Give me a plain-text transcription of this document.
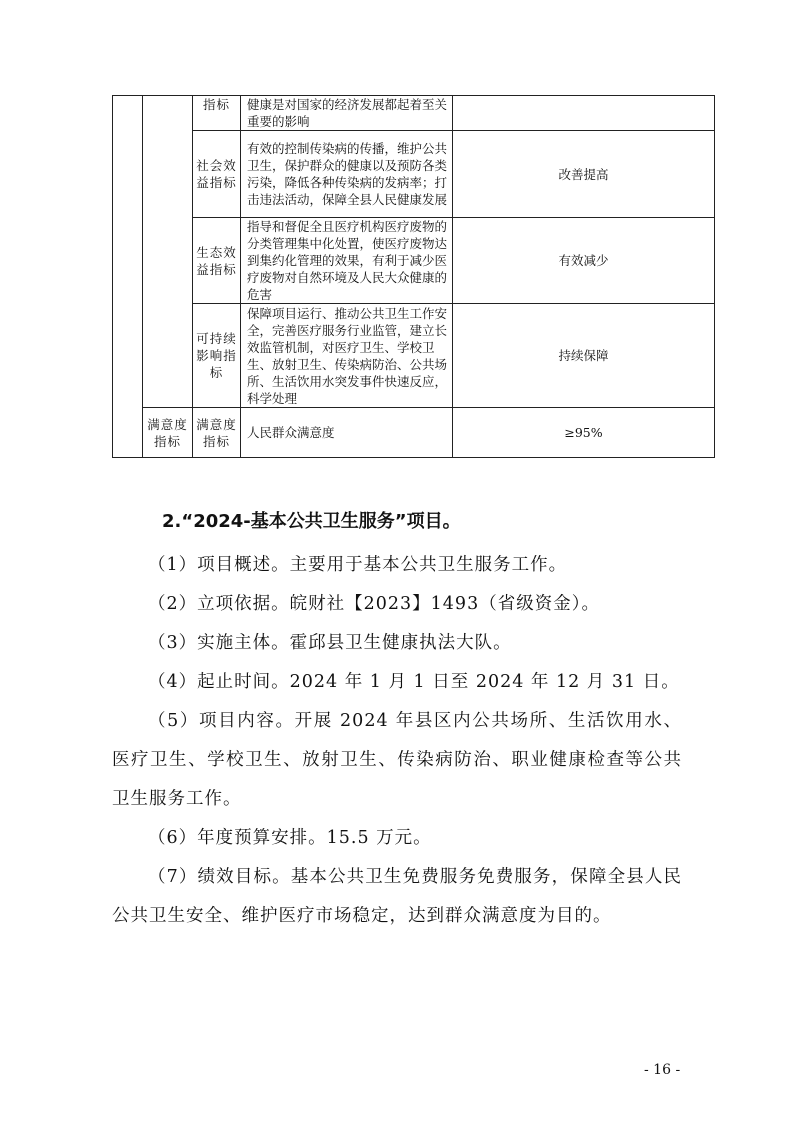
		指标	健康是对国家的经济发展都起着至关重要的影响	
		社会效益指标	有效的控制传染病的传播，维护公共卫生，保护群众的健康以及预防各类污染，降低各种传染病的发病率；打击违法活动，保障全县人民健康发展	改善提高
		生态效益指标	指导和督促全且医疗机构医疗废物的分类管理集中化处置，使医疗废物达到集约化管理的效果，有利于减少医疗废物对自然环境及人民大众健康的危害	有效减少
		可持续影响指标	保障项目运行、推动公共卫生工作安全，完善医疗服务行业监管，建立长效监管机制，对医疗卫生、学校卫生、放射卫生、传染病防治、公共场所、生活饮用水突发事件快速反应，科学处理	持续保障
	满意度指标	满意度指标	人民群众满意度	≥95%
2.“2024-基本公共卫生服务”项目。

（1）项目概述。主要用于基本公共卫生服务工作。

（2）立项依据。皖财社【2023】1493（省级资金）。

（3）实施主体。霍邱县卫生健康执法大队。

（4）起止时间。2024 年 1 月 1 日至 2024 年 12 月 31 日。

（5）项目内容。开展 2024 年县区内公共场所、生活饮用水、医疗卫生、学校卫生、放射卫生、传染病防治、职业健康检查等公共卫生服务工作。

（6）年度预算安排。15.5 万元。

（7）绩效目标。基本公共卫生免费服务免费服务，保障全县人民公共卫生安全、维护医疗市场稳定，达到群众满意度为目的。

- 16 -
